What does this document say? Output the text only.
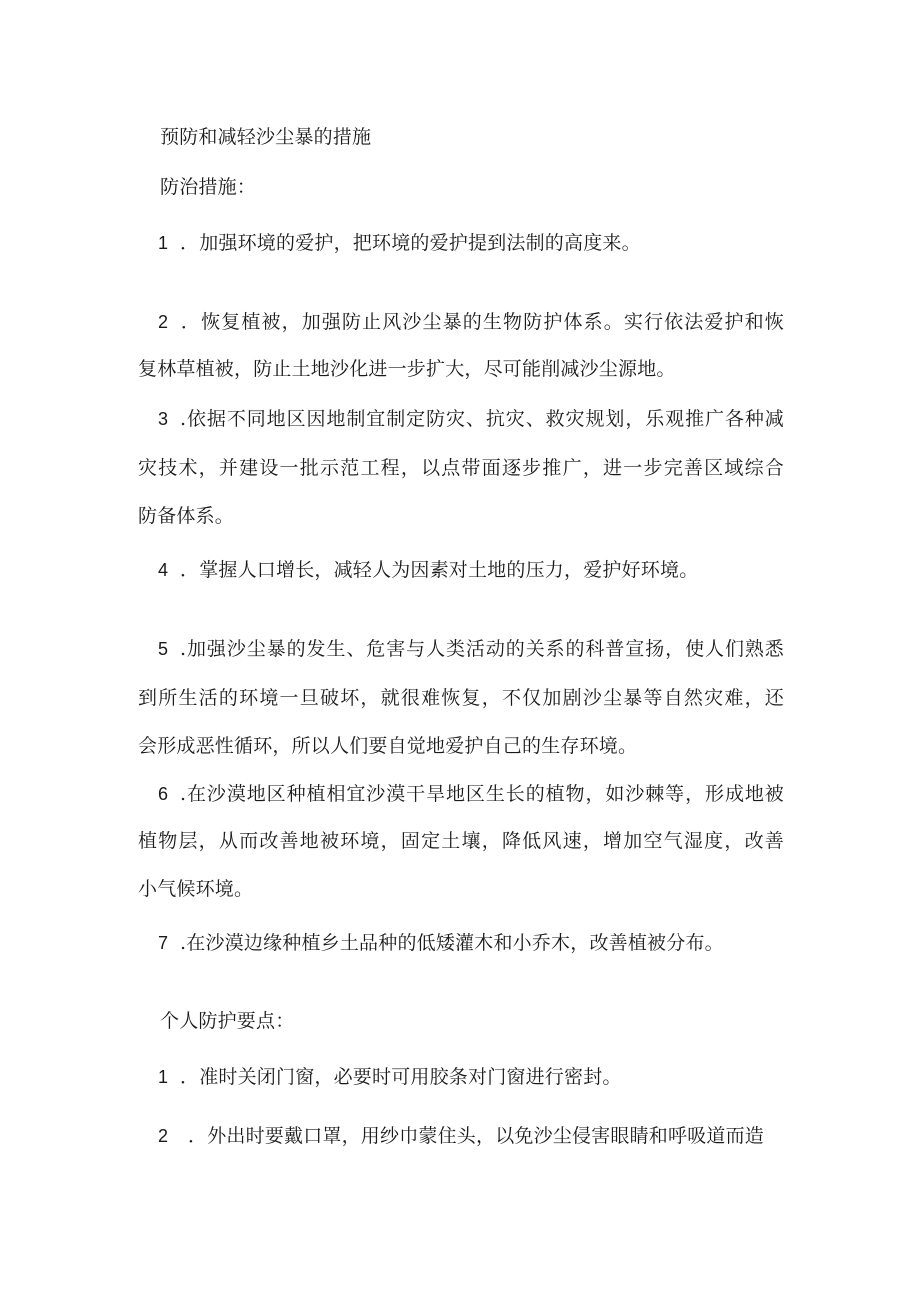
预防和减轻沙尘暴的措施
防治措施：
1 ．加强环境的爱护，把环境的爱护提到法制的高度来。
2 ．恢复植被，加强防止风沙尘暴的生物防护体系。实行依法爱护和恢
复林草植被，防止土地沙化进一步扩大，尽可能削减沙尘源地。
3 .依据不同地区因地制宜制定防灾、抗灾、救灾规划，乐观推广各种减
灾技术，并建设一批示范工程，以点带面逐步推广，进一步完善区域综合
防备体系。
4 ．掌握人口增长，减轻人为因素对土地的压力，爱护好环境。
5 .加强沙尘暴的发生、危害与人类活动的关系的科普宣扬，使人们熟悉
到所生活的环境一旦破坏，就很难恢复，不仅加剧沙尘暴等自然灾难，还
会形成恶性循环，所以人们要自觉地爱护自己的生存环境。
6 .在沙漠地区种植相宜沙漠干旱地区生长的植物，如沙棘等，形成地被
植物层，从而改善地被环境，固定土壤，降低风速，增加空气湿度，改善
小气候环境。
7 .在沙漠边缘种植乡土品种的低矮灌木和小乔木，改善植被分布。
个人防护要点：
1 ．准时关闭门窗，必要时可用胶条对门窗进行密封。
2 ．外出时要戴口罩，用纱巾蒙住头，以免沙尘侵害眼睛和呼吸道而造
